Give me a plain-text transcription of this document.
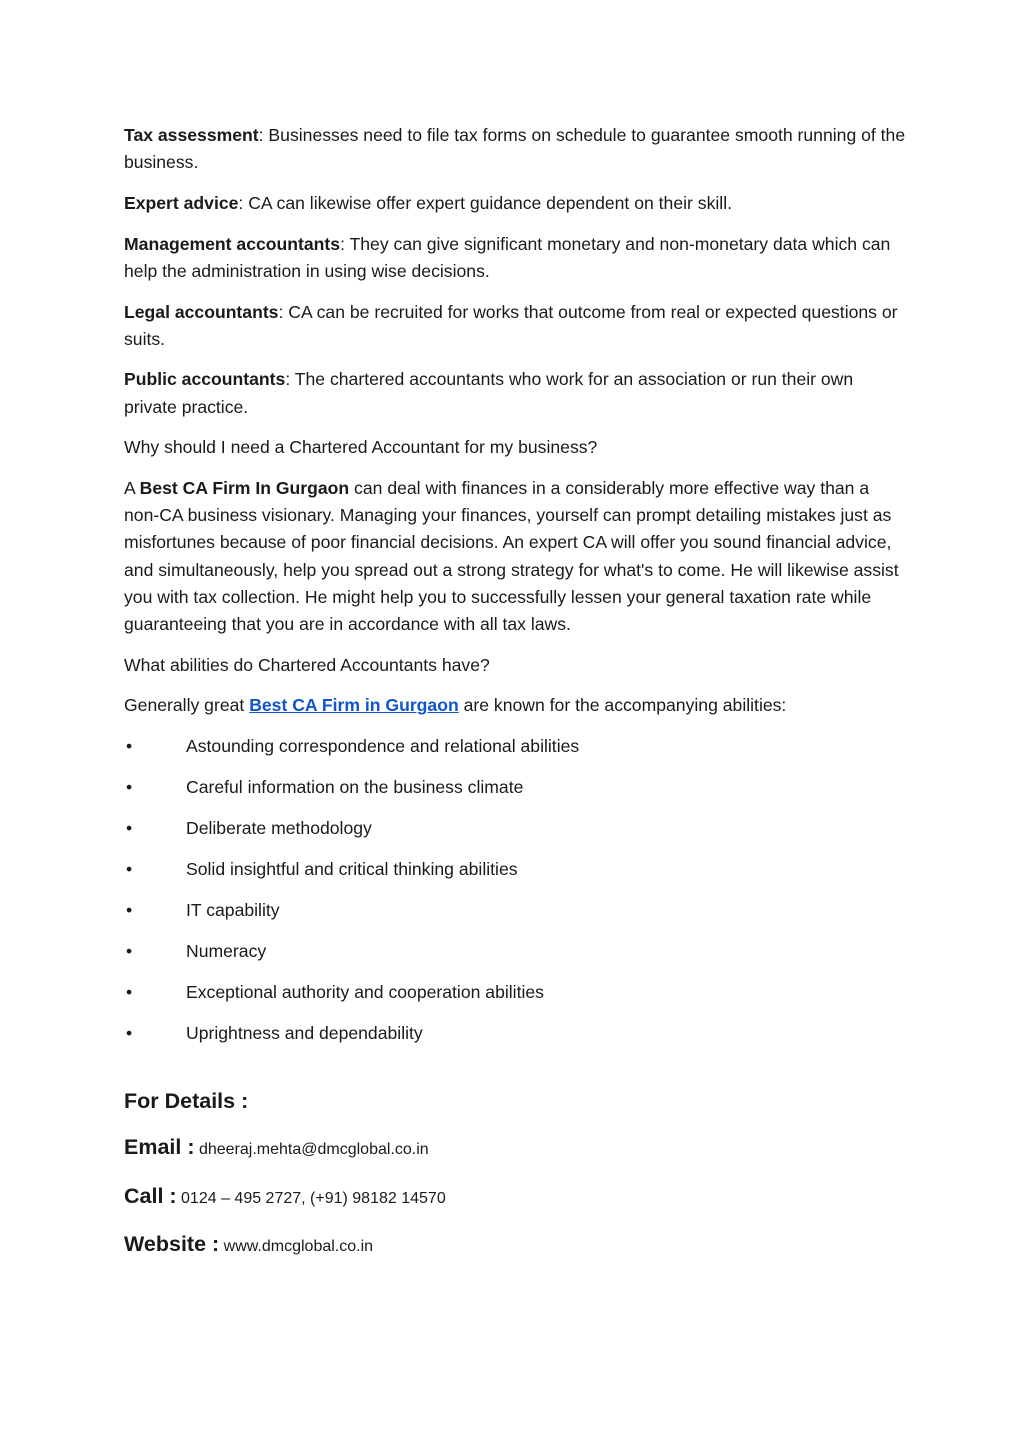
Tax assessment: Businesses need to file tax forms on schedule to guarantee smooth running of the business.

Expert advice: CA can likewise offer expert guidance dependent on their skill.

Management accountants: They can give significant monetary and non-monetary data which can help the administration in using wise decisions.

Legal accountants: CA can be recruited for works that outcome from real or expected questions or suits.

Public accountants: The chartered accountants who work for an association or run their own private practice.

Why should I need a Chartered Accountant for my business?

A Best CA Firm In Gurgaon can deal with finances in a considerably more effective way than a non-CA business visionary. Managing your finances, yourself can prompt detailing mistakes just as misfortunes because of poor financial decisions. An expert CA will offer you sound financial advice, and simultaneously, help you spread out a strong strategy for what's to come. He will likewise assist you with tax collection. He might help you to successfully lessen your general taxation rate while guaranteeing that you are in accordance with all tax laws.

What abilities do Chartered Accountants have?

Generally great Best CA Firm in Gurgaon are known for the accompanying abilities:

•	Astounding correspondence and relational abilities
•	Careful information on the business climate
•	Deliberate methodology
•	Solid insightful and critical thinking abilities
•	IT capability
•	Numeracy
•	Exceptional authority and cooperation abilities
•	Uprightness and dependability
For Details :
Email : dheeraj.mehta@dmcglobal.co.in
Call : 0124 – 495 2727, (+91) 98182 14570
Website : www.dmcglobal.co.in
